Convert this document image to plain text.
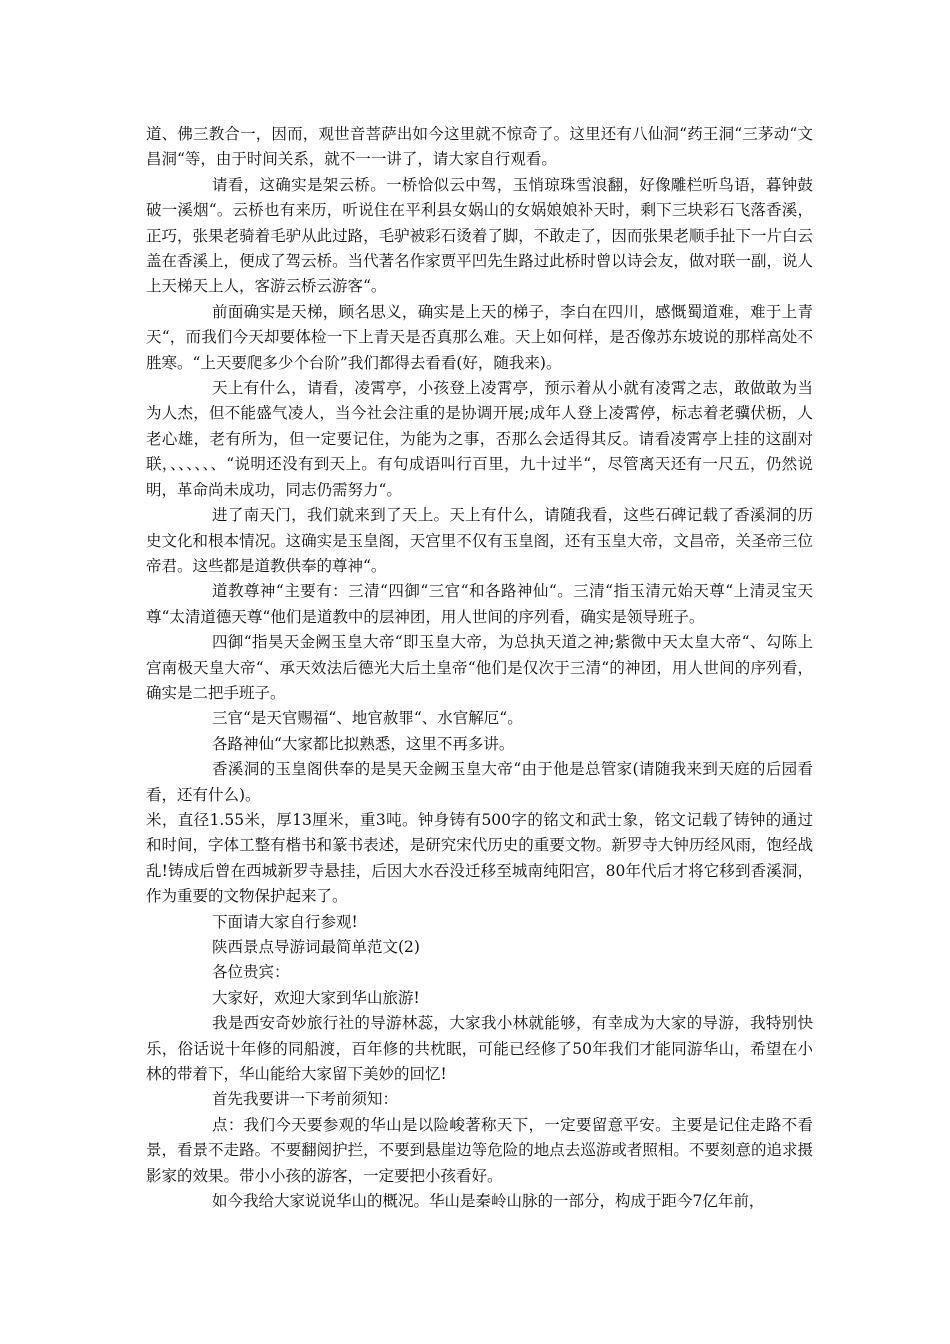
道、佛三教合一，因而，观世音菩萨出如今这里就不惊奇了。这里还有八仙洞“药王洞“三茅动“文昌洞“等，由于时间关系，就不一一讲了，请大家自行观看。

请看，这确实是架云桥。一桥恰似云中驾，玉悄琼珠雪浪翻，好像雕栏听鸟语，暮钟鼓破一溪烟“。云桥也有来历，听说住在平利县女娲山的女娲娘娘补天时，剩下三块彩石飞落香溪，正巧，张果老骑着毛驴从此过路，毛驴被彩石烫着了脚，不敢走了，因而张果老顺手扯下一片白云盖在香溪上，便成了驾云桥。当代著名作家贾平凹先生路过此桥时曾以诗会友，做对联一副，说人上天梯天上人，客游云桥云游客“。

前面确实是天梯，顾名思义，确实是上天的梯子，李白在四川，感慨蜀道难，难于上青天“，而我们今天却要体检一下上青天是否真那么难。天上如何样，是否像苏东坡说的那样高处不胜寒。“上天要爬多少个台阶”我们都得去看看(好，随我来)。

天上有什么，请看，凌霄亭，小孩登上凌霄亭，预示着从小就有凌霄之志，敢做敢为当为人杰，但不能盛气凌人，当今社会注重的是协调开展;成年人登上凌霄停，标志着老骥伏枥，人老心雄，老有所为，但一定要记住，为能为之事，否那么会适得其反。请看凌霄亭上挂的这副对联，、、、、、、“说明还没有到天上。有句成语叫行百里，九十过半“，尽管离天还有一尺五，仍然说明，革命尚未成功，同志仍需努力“。

进了南天门，我们就来到了天上。天上有什么，请随我看，这些石碑记载了香溪洞的历史文化和根本情况。这确实是玉皇阁，天宫里不仅有玉皇阁，还有玉皇大帝，文昌帝，关圣帝三位帝君。这些都是道教供奉的尊神“。

道教尊神“主要有：三清“四御“三官“和各路神仙“。三清“指玉清元始天尊“上清灵宝天尊“太清道德天尊“他们是道教中的层神团，用人世间的序列看，确实是领导班子。

四御“指昊天金阙玉皇大帝“即玉皇大帝，为总执天道之神;紫微中天太皇大帝“、勾陈上宫南极天皇大帝“、承天效法后德光大后土皇帝“他们是仅次于三清“的神团，用人世间的序列看，确实是二把手班子。

三官“是天官赐福“、地官赦罪“、水官解厄“。

各路神仙“大家都比拟熟悉，这里不再多讲。

香溪洞的玉皇阁供奉的是昊天金阙玉皇大帝“由于他是总管家(请随我来到天庭的后园看看，还有什么)。

米，直径1.55米，厚13厘米，重3吨。钟身铸有500字的铭文和武士象，铭文记载了铸钟的通过和时间，字体工整有楷书和篆书表述，是研究宋代历史的重要文物。新罗寺大钟历经风雨，饱经战乱!铸成后曾在西城新罗寺悬挂，后因大水吞没迁移至城南纯阳宫，80年代后才将它移到香溪洞，作为重要的文物保护起来了。

下面请大家自行参观!

陕西景点导游词最简单范文(2)

各位贵宾：

大家好，欢迎大家到华山旅游!

我是西安奇妙旅行社的导游林蕊，大家我小林就能够，有幸成为大家的导游，我特别快乐，俗话说十年修的同船渡，百年修的共枕眠，可能已经修了50年我们才能同游华山，希望在小林的带着下，华山能给大家留下美妙的回忆!

首先我要讲一下考前须知：

点：我们今天要参观的华山是以险峻著称天下，一定要留意平安。主要是记住走路不看景，看景不走路。不要翻阅护拦，不要到悬崖边等危险的地点去巡游或者照相。不要刻意的追求摄影家的效果。带小小孩的游客，一定要把小孩看好。

如今我给大家说说华山的概况。华山是秦岭山脉的一部分，构成于距今7亿年前，
